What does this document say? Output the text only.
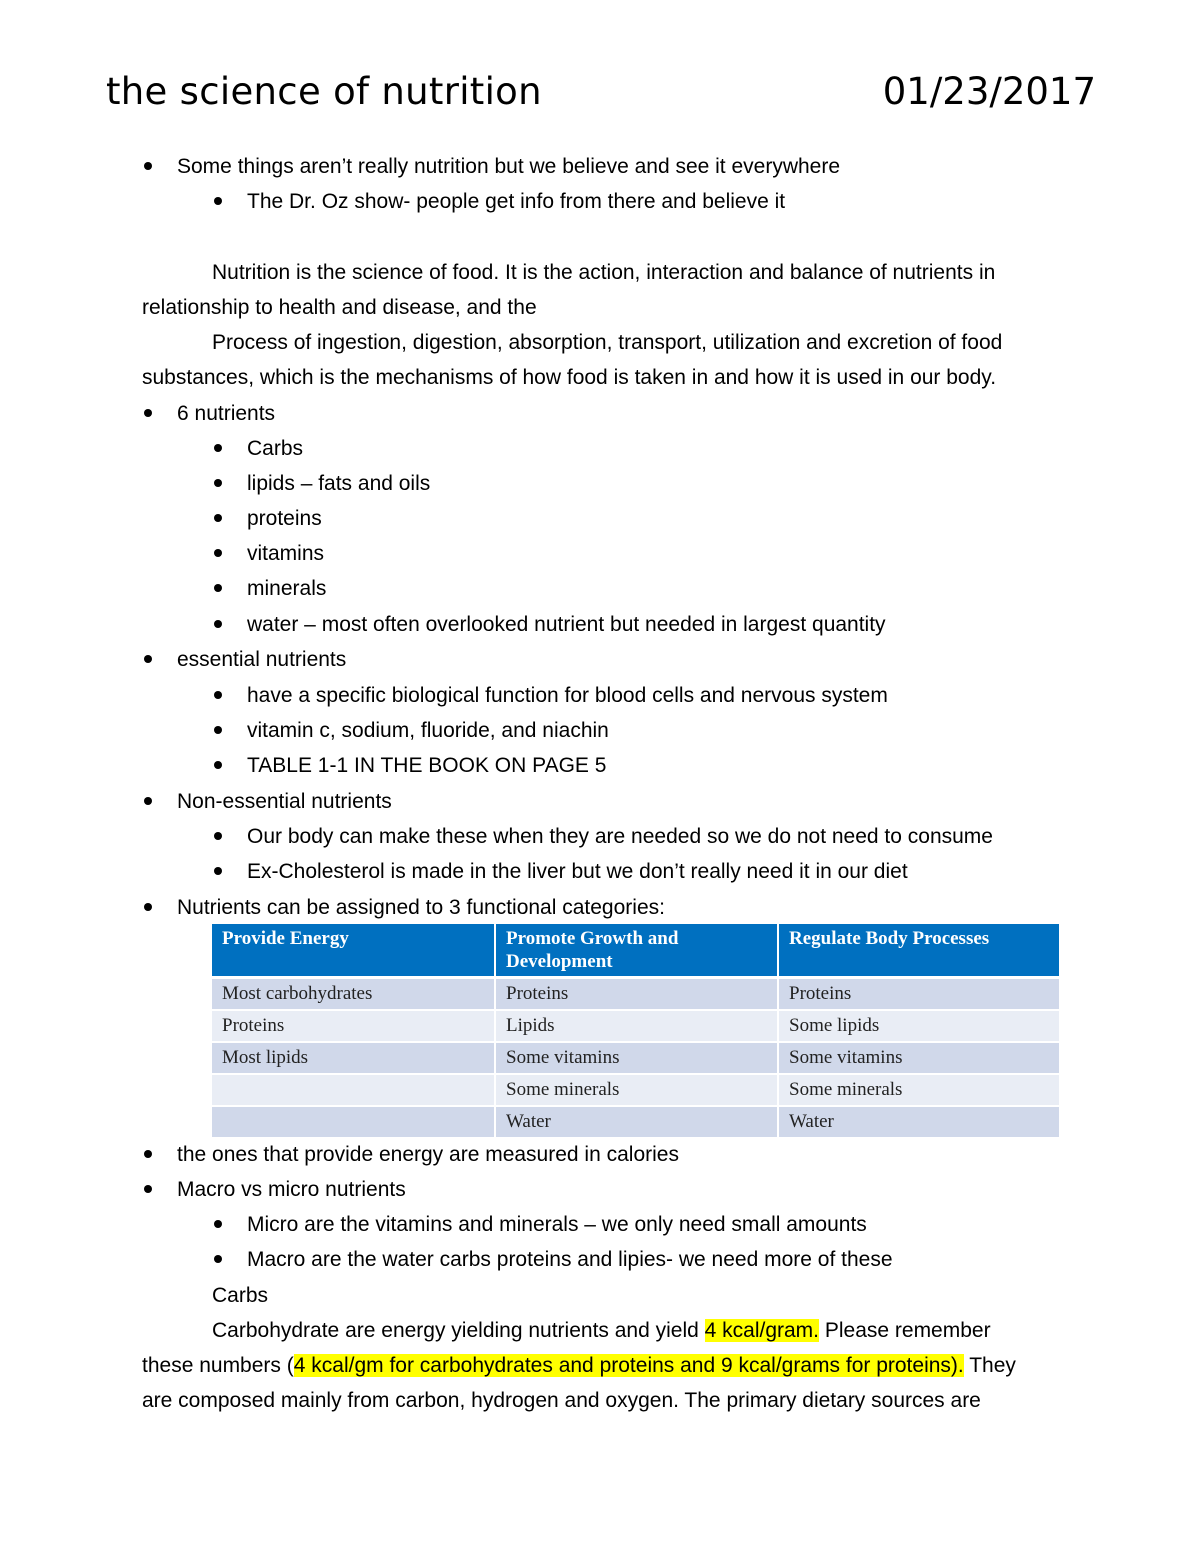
the science of nutrition	01/23/2017
Some things aren’t really nutrition but we believe and see it everywhere
The Dr. Oz show- people get info from there and believe it
Nutrition is the science of food. It is the action, interaction and balance of nutrients in
relationship to health and disease, and the
Process of ingestion, digestion, absorption, transport, utilization and excretion of food
substances, which is the mechanisms of how food is taken in and how it is used in our body.
6 nutrients
Carbs
lipids – fats and oils
proteins
vitamins
minerals
water – most often overlooked nutrient but needed in largest quantity
essential nutrients
have a specific biological function for blood cells and nervous system
vitamin c, sodium, fluoride, and niachin
TABLE 1-1 IN THE BOOK ON PAGE 5
Non-essential nutrients
Our body can make these when they are needed so we do not need to consume
Ex-Cholesterol is made in the liver but we don’t really need it in our diet
Nutrients can be assigned to 3 functional categories:
Provide Energy	Promote Growth and Development	Regulate Body Processes
Most carbohydrates	Proteins	Proteins
Proteins	Lipids	Some lipids
Most lipids	Some vitamins	Some vitamins
	Some minerals	Some minerals
	Water	Water
the ones that provide energy are measured in calories
Macro vs micro nutrients
Micro are the vitamins and minerals – we only need small amounts
Macro are the water carbs proteins and lipies- we need more of these
Carbs
Carbohydrate are energy yielding nutrients and yield 4 kcal/gram. Please remember
these numbers (4 kcal/gm for carbohydrates and proteins and 9 kcal/grams for proteins). They
are composed mainly from carbon, hydrogen and oxygen. The primary dietary sources are
